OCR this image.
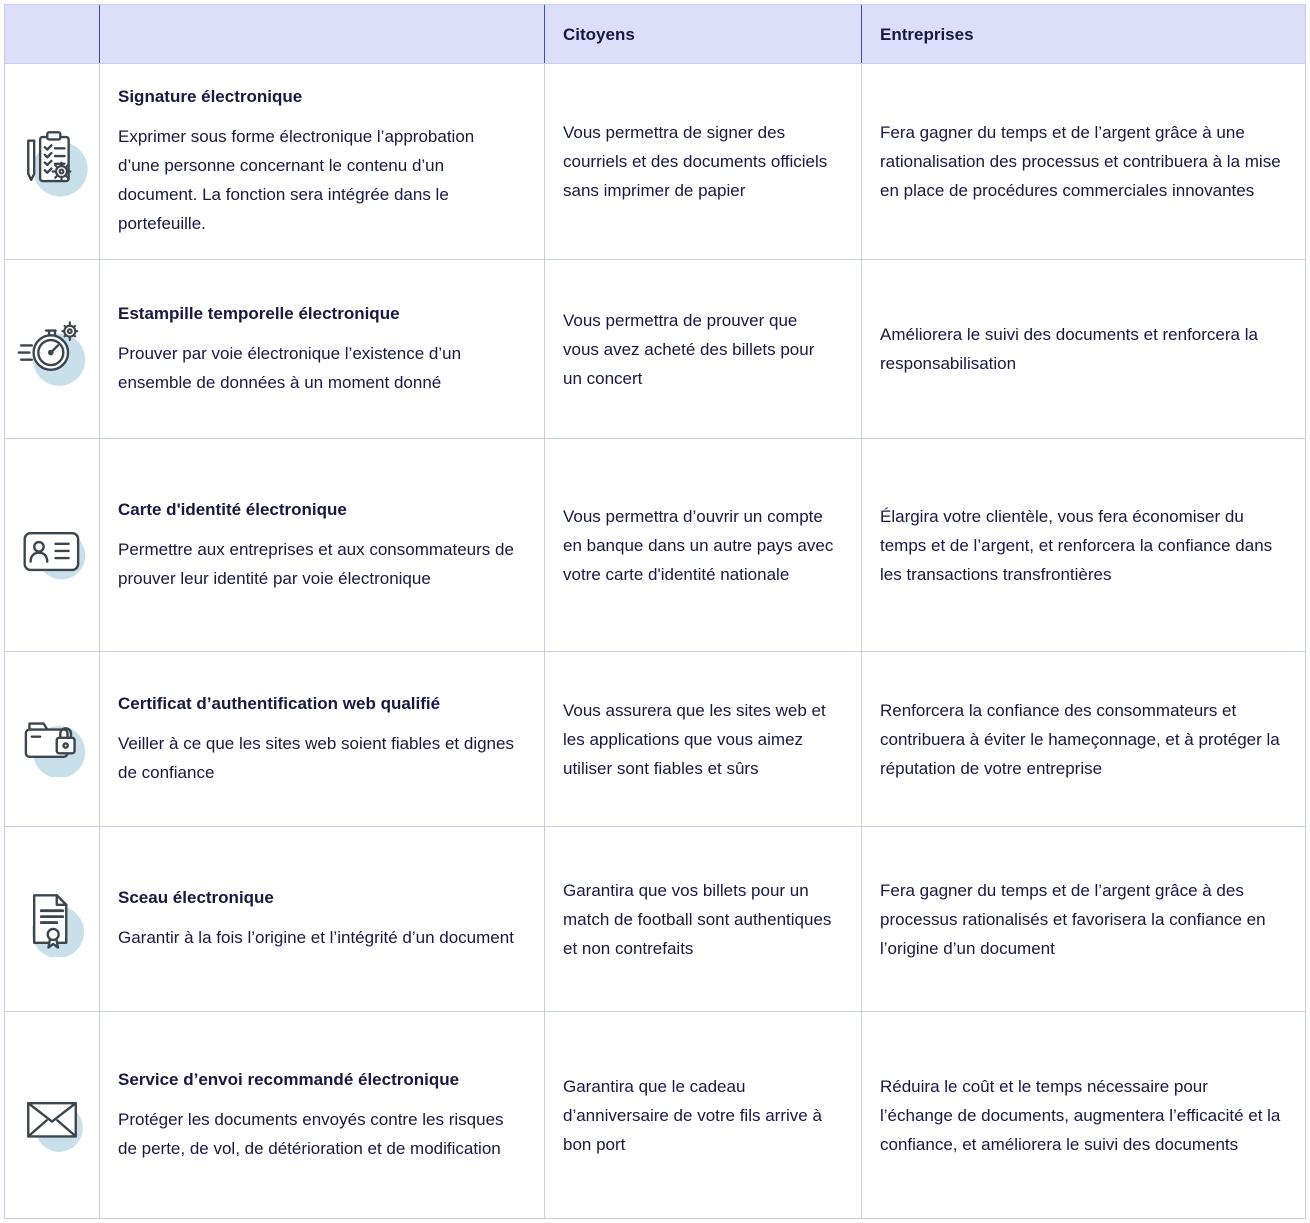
Citoyens	Entreprises
Signature électronique

Exprimer sous forme électronique l’approbation d’une personne concernant le contenu d’un document. La fonction sera intégrée dans le portefeuille.

Vous permettra de signer des courriels et des documents officiels sans imprimer de papier

Fera gagner du temps et de l’argent grâce à une rationalisation des processus et contribuera à la mise en place de procédures commerciales innovantes

Estampille temporelle électronique

Prouver par voie électronique l’existence d’un ensemble de données à un moment donné

Vous permettra de prouver que vous avez acheté des billets pour un concert

Améliorera le suivi des documents et renforcera la responsabilisation

Carte d'identité électronique

Permettre aux entreprises et aux consommateurs de prouver leur identité par voie électronique

Vous permettra d’ouvrir un compte en banque dans un autre pays avec votre carte d'identité nationale

Élargira votre clientèle, vous fera économiser du temps et de l’argent, et renforcera la confiance dans les transactions transfrontières

Certificat d’authentification web qualifié

Veiller à ce que les sites web soient fiables et dignes de confiance

Vous assurera que les sites web et les applications que vous aimez utiliser sont fiables et sûrs

Renforcera la confiance des consommateurs et contribuera à éviter le hameçonnage, et à protéger la réputation de votre entreprise

Sceau électronique

Garantir à la fois l’origine et l’intégrité d’un document

Garantira que vos billets pour un match de football sont authentiques et non contrefaits

Fera gagner du temps et de l’argent grâce à des processus rationalisés et favorisera la confiance en l’origine d’un document

Service d’envoi recommandé électronique

Protéger les documents envoyés contre les risques de perte, de vol, de détérioration et de modification

Garantira que le cadeau d’anniversaire de votre fils arrive à bon port

Réduira le coût et le temps nécessaire pour l’échange de documents, augmentera l’efficacité et la confiance, et améliorera le suivi des documents
